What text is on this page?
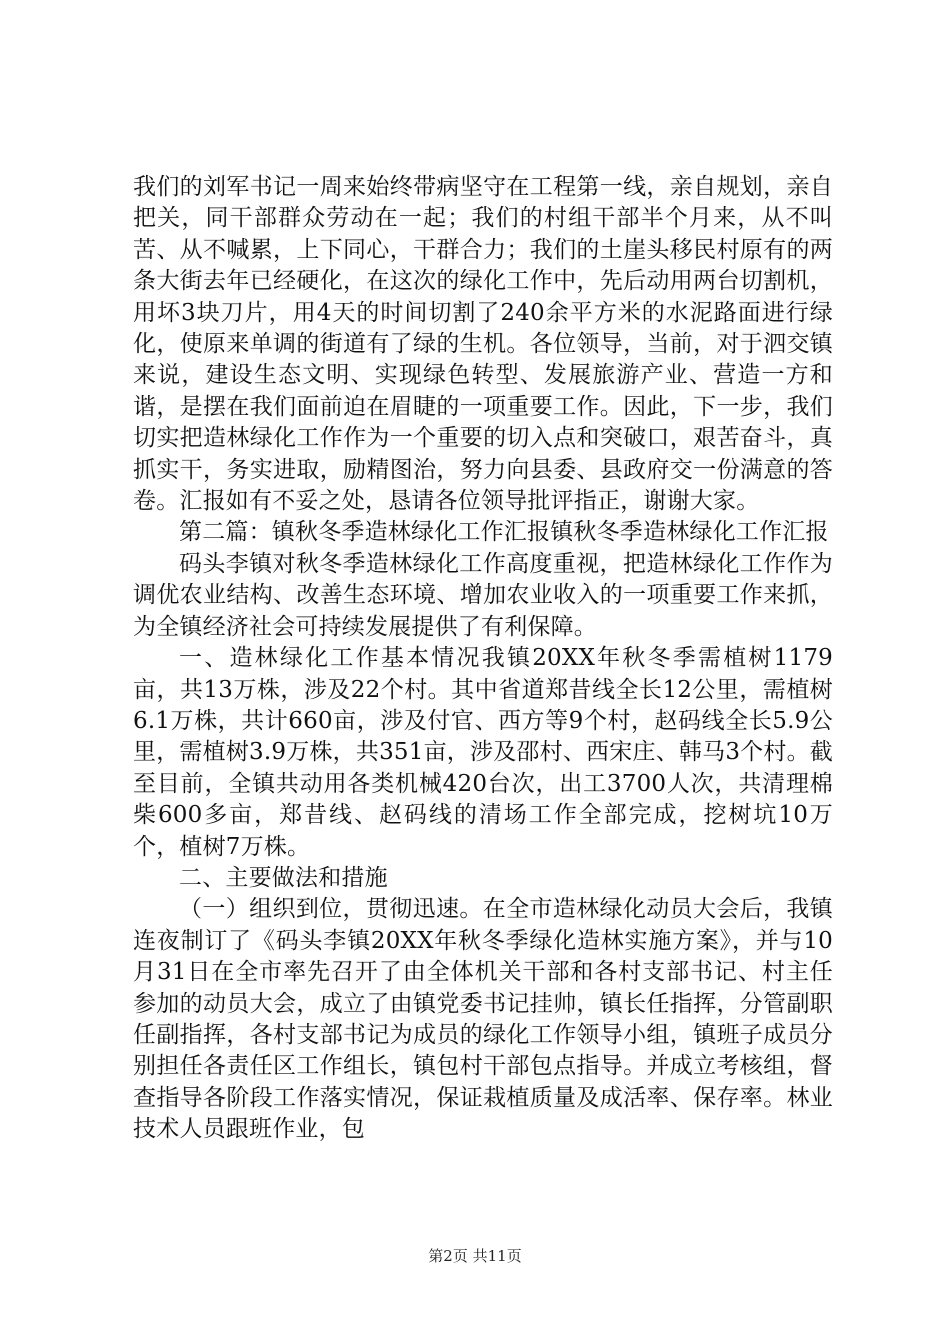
我们的刘军书记一周来始终带病坚守在工程第一线，亲自规划，亲自把关，同干部群众劳动在一起；我们的村组干部半个月来，从不叫苦、从不喊累，上下同心，干群合力；我们的土崖头移民村原有的两条大街去年已经硬化，在这次的绿化工作中，先后动用两台切割机，用坏3块刀片，用4天的时间切割了240余平方米的水泥路面进行绿化，使原来单调的街道有了绿的生机。各位领导，当前，对于泗交镇来说，建设生态文明、实现绿色转型、发展旅游产业、营造一方和谐，是摆在我们面前迫在眉睫的一项重要工作。因此，下一步，我们切实把造林绿化工作作为一个重要的切入点和突破口，艰苦奋斗，真抓实干，务实进取，励精图治，努力向县委、县政府交一份满意的答卷。汇报如有不妥之处，恳请各位领导批评指正，谢谢大家。

第二篇：镇秋冬季造林绿化工作汇报镇秋冬季造林绿化工作汇报

码头李镇对秋冬季造林绿化工作高度重视，把造林绿化工作作为调优农业结构、改善生态环境、增加农业收入的一项重要工作来抓，为全镇经济社会可持续发展提供了有利保障。

一、造林绿化工作基本情况我镇20XX年秋冬季需植树1179亩，共13万株，涉及22个村。其中省道郑昔线全长12公里，需植树6.1万株，共计660亩，涉及付官、西方等9个村，赵码线全长5.9公里，需植树3.9万株，共351亩，涉及邵村、西宋庄、韩马3个村。截至目前，全镇共动用各类机械420台次，出工3700人次，共清理棉柴600多亩，郑昔线、赵码线的清场工作全部完成，挖树坑10万个，植树7万株。

二、主要做法和措施

（一）组织到位，贯彻迅速。在全市造林绿化动员大会后，我镇连夜制订了《码头李镇20XX年秋冬季绿化造林实施方案》，并与10月31日在全市率先召开了由全体机关干部和各村支部书记、村主任参加的动员大会，成立了由镇党委书记挂帅，镇长任指挥，分管副职任副指挥，各村支部书记为成员的绿化工作领导小组，镇班子成员分别担任各责任区工作组长，镇包村干部包点指导。并成立考核组，督查指导各阶段工作落实情况，保证栽植质量及成活率、保存率。林业技术人员跟班作业，包

第2页 共11页
